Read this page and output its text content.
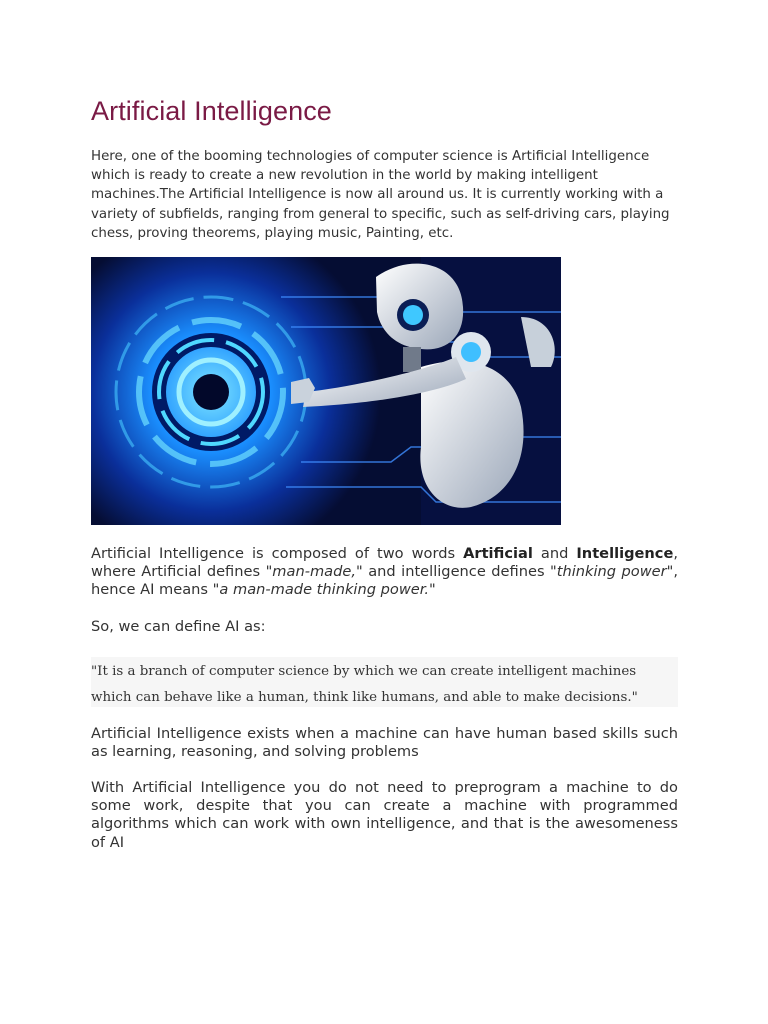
Artificial Intelligence

Here, one of the booming technologies of computer science is Artificial Intelligence which is ready to create a new revolution in the world by making intelligent machines.The Artificial Intelligence is now all around us. It is currently working with a variety of subfields, ranging from general to specific, such as self-driving cars, playing chess, proving theorems, playing music, Painting, etc.

Artificial Intelligence is composed of two words Artificial and Intelligence, where Artificial defines "man-made," and intelligence defines "thinking power", hence AI means "a man-made thinking power."

So, we can define AI as:

"It is a branch of computer science by which we can create intelligent machines which can behave like a human, think like humans, and able to make decisions."

Artificial Intelligence exists when a machine can have human based skills such as learning, reasoning, and solving problems

With Artificial Intelligence you do not need to preprogram a machine to do some work, despite that you can create a machine with programmed algorithms which can work with own intelligence, and that is the awesomeness of AI
